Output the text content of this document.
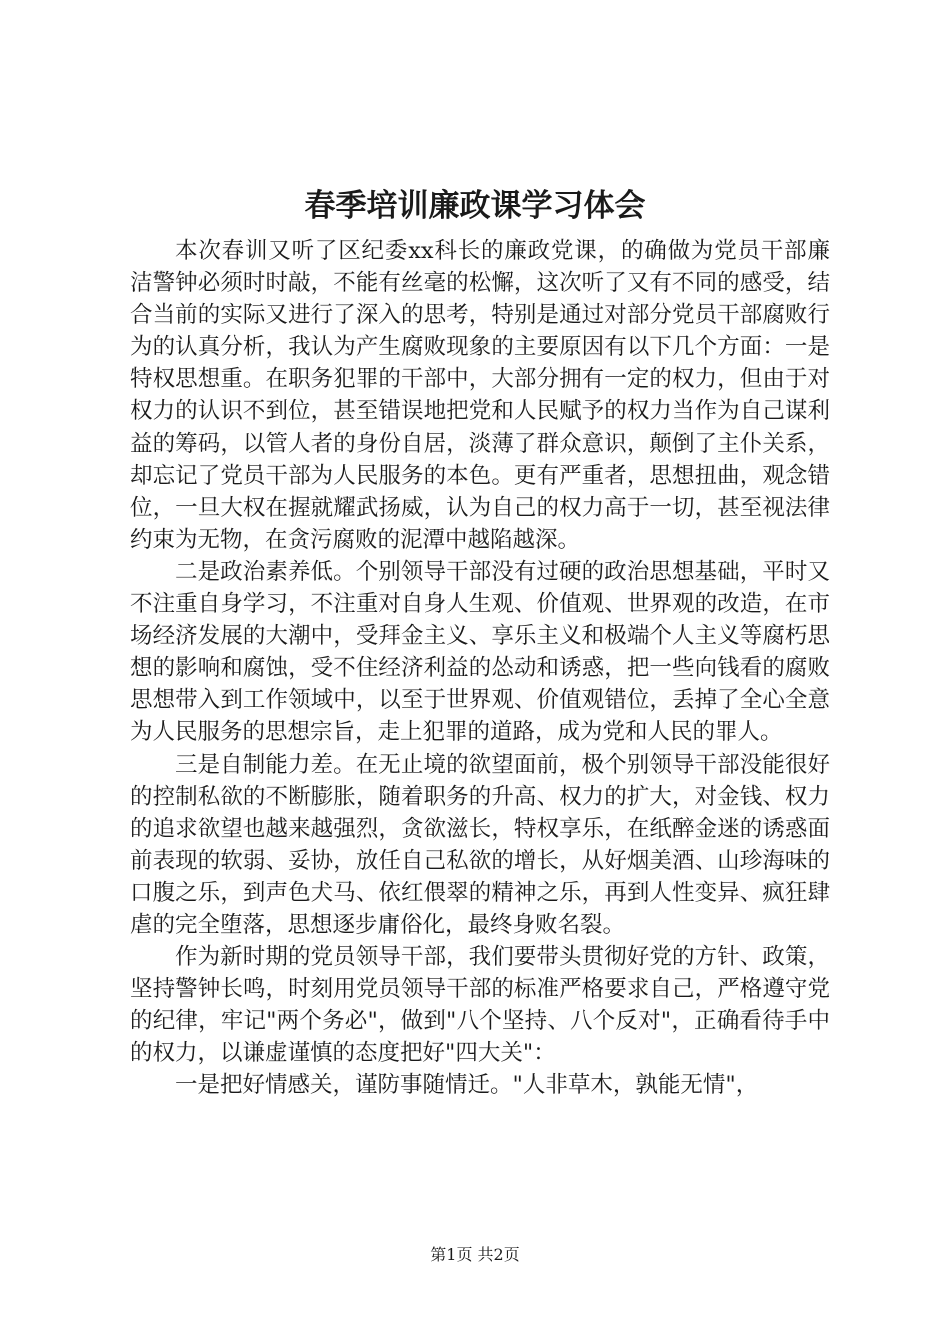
春季培训廉政课学习体会

本次春训又听了区纪委xx科长的廉政党课，的确做为党员干部廉洁警钟必须时时敲，不能有丝毫的松懈，这次听了又有不同的感受，结合当前的实际又进行了深入的思考，特别是通过对部分党员干部腐败行为的认真分析，我认为产生腐败现象的主要原因有以下几个方面：一是特权思想重。在职务犯罪的干部中，大部分拥有一定的权力，但由于对权力的认识不到位，甚至错误地把党和人民赋予的权力当作为自己谋利益的筹码，以管人者的身份自居，淡薄了群众意识，颠倒了主仆关系，却忘记了党员干部为人民服务的本色。更有严重者，思想扭曲，观念错位，一旦大权在握就耀武扬威，认为自己的权力高于一切，甚至视法律约束为无物，在贪污腐败的泥潭中越陷越深。

二是政治素养低。个别领导干部没有过硬的政治思想基础，平时又不注重自身学习，不注重对自身人生观、价值观、世界观的改造，在市场经济发展的大潮中，受拜金主义、享乐主义和极端个人主义等腐朽思想的影响和腐蚀，受不住经济利益的怂动和诱惑，把一些向钱看的腐败思想带入到工作领域中，以至于世界观、价值观错位，丢掉了全心全意为人民服务的思想宗旨，走上犯罪的道路，成为党和人民的罪人。

三是自制能力差。在无止境的欲望面前，极个别领导干部没能很好的控制私欲的不断膨胀，随着职务的升高、权力的扩大，对金钱、权力的追求欲望也越来越强烈，贪欲滋长，特权享乐，在纸醉金迷的诱惑面前表现的软弱、妥协，放任自己私欲的增长，从好烟美酒、山珍海味的口腹之乐，到声色犬马、依红偎翠的精神之乐，再到人性变异、疯狂肆虐的完全堕落，思想逐步庸俗化，最终身败名裂。

作为新时期的党员领导干部，我们要带头贯彻好党的方针、政策，坚持警钟长鸣，时刻用党员领导干部的标准严格要求自己，严格遵守党的纪律，牢记"两个务必"，做到"八个坚持、八个反对"，正确看待手中的权力，以谦虚谨慎的态度把好"四大关"：

一是把好情感关，谨防事随情迁。"人非草木，孰能无情"，

第1页 共2页
